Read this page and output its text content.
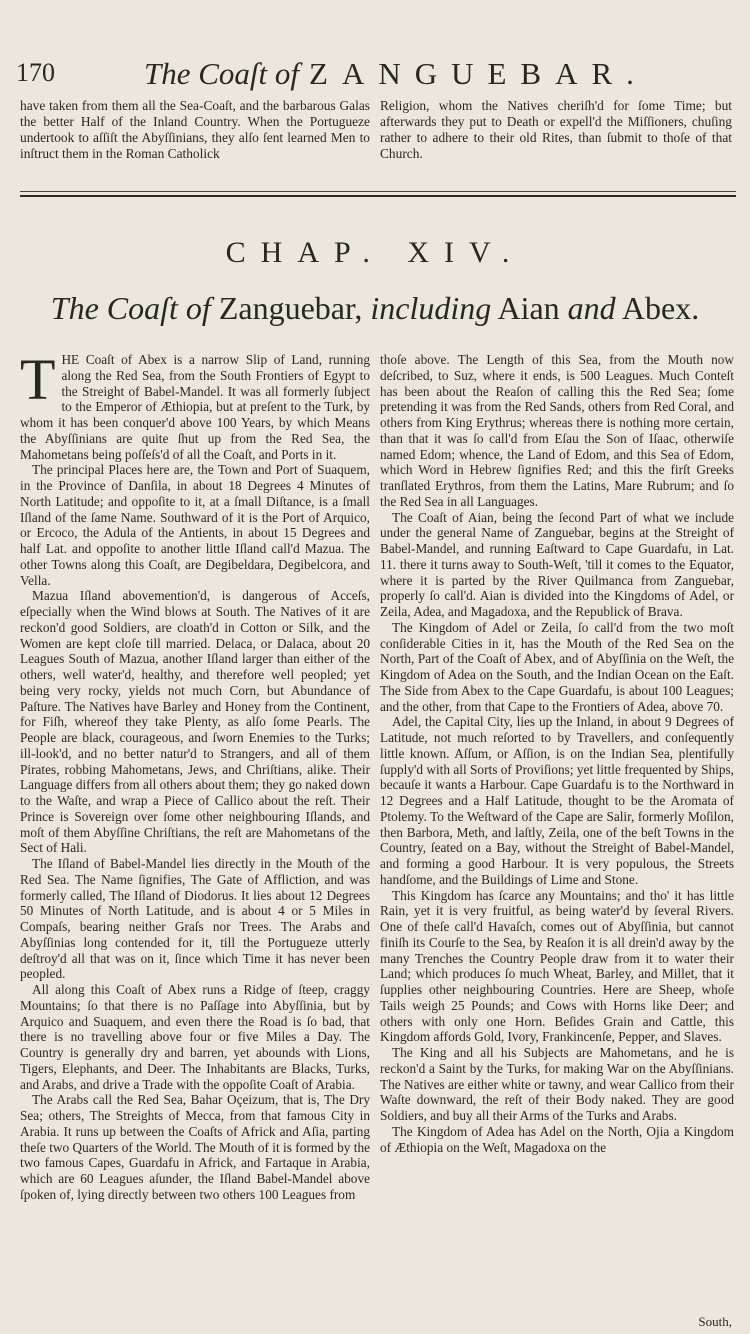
170	The Coaſt of ZANGUEBAR.
have taken from them all the Sea-Coaſt, and the barbarous Galas the better Half of the Inland Country. When the Portugueze undertook to aſſiſt the Abyſſinians, they alſo ſent learned Men to inſtruct them in the Roman Catholick
Religion, whom the Natives cheriſh'd for ſome Time; but afterwards they put to Death or expell'd the Miſſioners, chuſing rather to adhere to their old Rites, than ſubmit to thoſe of that Church.
CHAP. XIV.
The Coaſt of Zanguebar, including Aian and Abex.

THE Coaſt of Abex is a narrow Slip of Land, running along the Red Sea, from the South Frontiers of Egypt to the Streight of Babel-Mandel. It was all formerly ſubject to the Emperor of Æthiopia, but at preſent to the Turk, by whom it has been conquer'd above 100 Years, by which Means the Abyſſinians are quite ſhut up from the Red Sea, the Mahometans being poſſeſs'd of all the Coaſt, and Ports in it.

The principal Places here are, the Town and Port of Suaquem, in the Province of Danſila, in about 18 Degrees 4 Minutes of North Latitude; and oppoſite to it, at a ſmall Diſtance, is a ſmall Iſland of the ſame Name. Southward of it is the Port of Arquico, or Ercoco, the Adula of the Antients, in about 15 Degrees and half Lat. and oppoſite to another little Iſland call'd Mazua. The other Towns along this Coaſt, are Degibeldara, Degibelcora, and Vella.

Mazua Iſland abovemention'd, is dangerous of Acceſs, eſpecially when the Wind blows at South. The Natives of it are reckon'd good Soldiers, are cloath'd in Cotton or Silk, and the Women are kept cloſe till married. Delaca, or Dalaca, about 20 Leagues South of Mazua, another Iſland larger than either of the others, well water'd, healthy, and therefore well peopled; yet being very rocky, yields not much Corn, but Abundance of Paſture. The Natives have Barley and Honey from the Continent, for Fiſh, whereof they take Plenty, as alſo ſome Pearls. The People are black, courageous, and ſworn Enemies to the Turks; ill-look'd, and no better natur'd to Strangers, and all of them Pirates, robbing Mahometans, Jews, and Chriſtians, alike. Their Language differs from all others about them; they go naked down to the Waſte, and wrap a Piece of Callico about the reſt. Their Prince is Sovereign over ſome other neighbouring Iſlands, and moſt of them Abyſſine Chriſtians, the reſt are Mahometans of the Sect of Hali.

The Iſland of Babel-Mandel lies directly in the Mouth of the Red Sea. The Name ſignifies, The Gate of Affliction, and was formerly called, The Iſland of Diodorus. It lies about 12 Degrees 50 Minutes of North Latitude, and is about 4 or 5 Miles in Compaſs, bearing neither Graſs nor Trees. The Arabs and Abyſſinias long contended for it, till the Portugueze utterly deſtroy'd all that was on it, ſince which Time it has never been peopled.

All along this Coaſt of Abex runs a Ridge of ſteep, craggy Mountains; ſo that there is no Paſſage into Abyſſinia, but by Arquico and Suaquem, and even there the Road is ſo bad, that there is no travelling above four or five Miles a Day. The Country is generally dry and barren, yet abounds with Lions, Tigers, Elephants, and Deer. The Inhabitants are Blacks, Turks, and Arabs, and drive a Trade with the oppoſite Coaſt of Arabia.

The Arabs call the Red Sea, Bahar Oçeizum, that is, The Dry Sea; others, The Streights of Mecca, from that famous City in Arabia. It runs up between the Coaſts of Africk and Aſia, parting theſe two Quarters of the World. The Mouth of it is formed by the two famous Capes, Guardafu in Africk, and Fartaque in Arabia, which are 60 Leagues aſunder, the Iſland Babel-Mandel above ſpoken of, lying directly between two others 100 Leagues from

thoſe above. The Length of this Sea, from the Mouth now deſcribed, to Suz, where it ends, is 500 Leagues. Much Conteſt has been about the Reaſon of calling this the Red Sea; ſome pretending it was from the Red Sands, others from Red Coral, and others from King Erythrus; whereas there is nothing more certain, than that it was ſo call'd from Eſau the Son of Iſaac, otherwiſe named Edom; whence, the Land of Edom, and this Sea of Edom, which Word in Hebrew ſignifies Red; and this the firſt Greeks tranſlated Erythros, from them the Latins, Mare Rubrum; and ſo the Red Sea in all Languages.

The Coaſt of Aian, being the ſecond Part of what we include under the general Name of Zanguebar, begins at the Streight of Babel-Mandel, and running Eaſtward to Cape Guardafu, in Lat. 11. there it turns away to South-Weſt, 'till it comes to the Equator, where it is parted by the River Quilmanca from Zanguebar, properly ſo call'd. Aian is divided into the Kingdoms of Adel, or Zeila, Adea, and Magadoxa, and the Republick of Brava.

The Kingdom of Adel or Zeila, ſo call'd from the two moſt conſiderable Cities in it, has the Mouth of the Red Sea on the North, Part of the Coaſt of Abex, and of Abyſſinia on the Weſt, the Kingdom of Adea on the South, and the Indian Ocean on the Eaſt. The Side from Abex to the Cape Guardafu, is about 100 Leagues; and the other, from that Cape to the Frontiers of Adea, above 70.

Adel, the Capital City, lies up the Inland, in about 9 Degrees of Latitude, not much reſorted to by Travellers, and conſequently little known. Aſſum, or Aſſion, is on the Indian Sea, plentifully ſupply'd with all Sorts of Proviſions; yet little frequented by Ships, becauſe it wants a Harbour. Cape Guardafu is to the Northward in 12 Degrees and a Half Latitude, thought to be the Aromata of Ptolemy. To the Weſtward of the Cape are Salir, formerly Moſilon, then Barbora, Meth, and laſtly, Zeila, one of the beſt Towns in the Country, ſeated on a Bay, without the Streight of Babel-Mandel, and forming a good Harbour. It is very populous, the Streets handſome, and the Buildings of Lime and Stone.

This Kingdom has ſcarce any Mountains; and tho' it has little Rain, yet it is very fruitful, as being water'd by ſeveral Rivers. One of theſe call'd Havaſch, comes out of Abyſſinia, but cannot finiſh its Courſe to the Sea, by Reaſon it is all drein'd away by the many Trenches the Country People draw from it to water their Land; which produces ſo much Wheat, Barley, and Millet, that it ſupplies other neighbouring Countries. Here are Sheep, whoſe Tails weigh 25 Pounds; and Cows with Horns like Deer; and others with only one Horn. Beſides Grain and Cattle, this Kingdom affords Gold, Ivory, Frankincenſe, Pepper, and Slaves.

The King and all his Subjects are Mahometans, and he is reckon'd a Saint by the Turks, for making War on the Abyſſinians. The Natives are either white or tawny, and wear Callico from their Waſte downward, the reſt of their Body naked. They are good Soldiers, and buy all their Arms of the Turks and Arabs.

The Kingdom of Adea has Adel on the North, Ojia a Kingdom of Æthiopia on the Weſt, Magadoxa on the

South,
